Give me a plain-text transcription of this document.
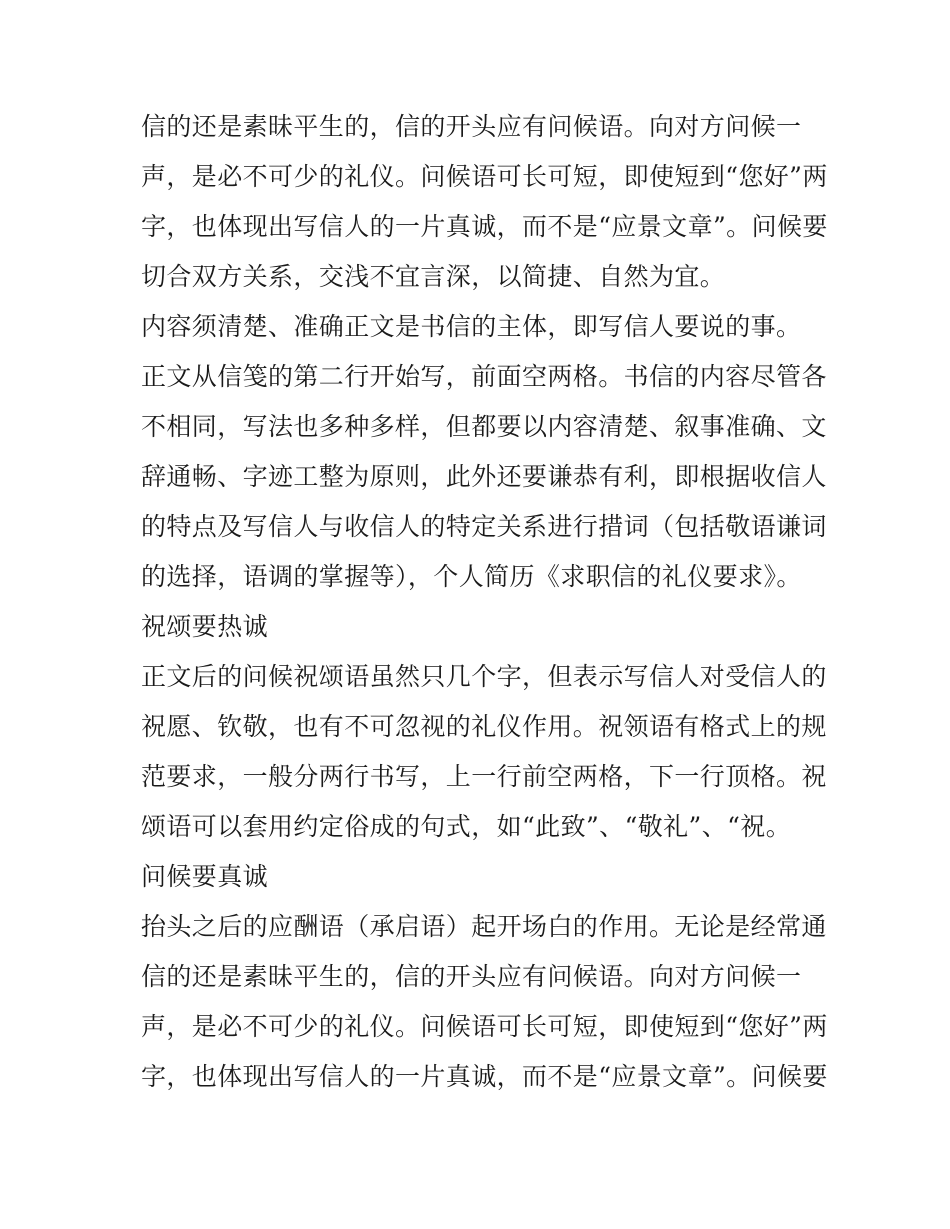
信的还是素昧平生的，信的开头应有问候语。向对方问候一
声，是必不可少的礼仪。问候语可长可短，即使短到“您好”两
字，也体现出写信人的一片真诚，而不是“应景文章”。问候要
切合双方关系，交浅不宜言深，以简捷、自然为宜。
内容须清楚、准确正文是书信的主体，即写信人要说的事。
正文从信笺的第二行开始写，前面空两格。书信的内容尽管各
不相同，写法也多种多样，但都要以内容清楚、叙事准确、文
辞通畅、字迹工整为原则，此外还要谦恭有利，即根据收信人
的特点及写信人与收信人的特定关系进行措词（包括敬语谦词
的选择，语调的掌握等），个人简历《求职信的礼仪要求》。
祝颂要热诚
正文后的问候祝颂语虽然只几个字，但表示写信人对受信人的
祝愿、钦敬，也有不可忽视的礼仪作用。祝领语有格式上的规
范要求，一般分两行书写，上一行前空两格，下一行顶格。祝
颂语可以套用约定俗成的句式，如“此致”、“敬礼”、“祝。
问候要真诚
抬头之后的应酬语（承启语）起开场白的作用。无论是经常通
信的还是素昧平生的，信的开头应有问候语。向对方问候一
声，是必不可少的礼仪。问候语可长可短，即使短到“您好”两
字，也体现出写信人的一片真诚，而不是“应景文章”。问候要
